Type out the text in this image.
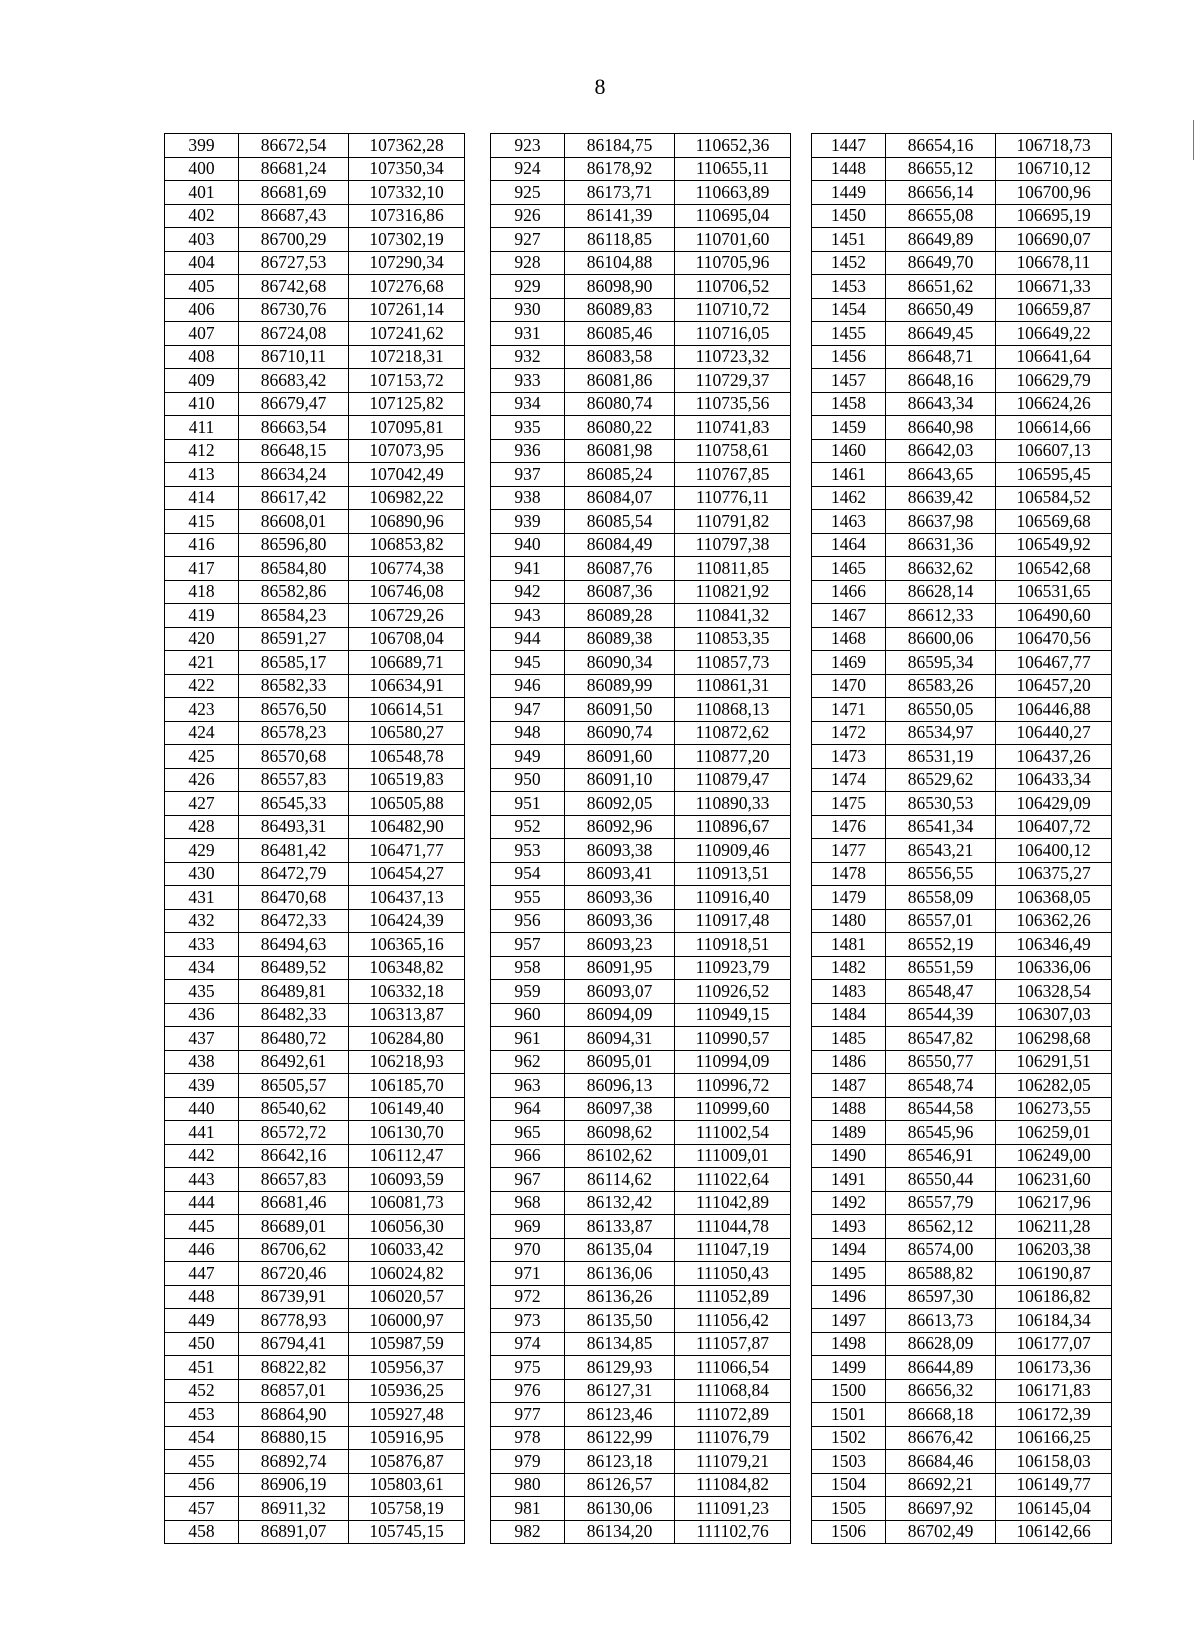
8
399	86672,54	107362,28
400	86681,24	107350,34
401	86681,69	107332,10
402	86687,43	107316,86
403	86700,29	107302,19
404	86727,53	107290,34
405	86742,68	107276,68
406	86730,76	107261,14
407	86724,08	107241,62
408	86710,11	107218,31
409	86683,42	107153,72
410	86679,47	107125,82
411	86663,54	107095,81
412	86648,15	107073,95
413	86634,24	107042,49
414	86617,42	106982,22
415	86608,01	106890,96
416	86596,80	106853,82
417	86584,80	106774,38
418	86582,86	106746,08
419	86584,23	106729,26
420	86591,27	106708,04
421	86585,17	106689,71
422	86582,33	106634,91
423	86576,50	106614,51
424	86578,23	106580,27
425	86570,68	106548,78
426	86557,83	106519,83
427	86545,33	106505,88
428	86493,31	106482,90
429	86481,42	106471,77
430	86472,79	106454,27
431	86470,68	106437,13
432	86472,33	106424,39
433	86494,63	106365,16
434	86489,52	106348,82
435	86489,81	106332,18
436	86482,33	106313,87
437	86480,72	106284,80
438	86492,61	106218,93
439	86505,57	106185,70
440	86540,62	106149,40
441	86572,72	106130,70
442	86642,16	106112,47
443	86657,83	106093,59
444	86681,46	106081,73
445	86689,01	106056,30
446	86706,62	106033,42
447	86720,46	106024,82
448	86739,91	106020,57
449	86778,93	106000,97
450	86794,41	105987,59
451	86822,82	105956,37
452	86857,01	105936,25
453	86864,90	105927,48
454	86880,15	105916,95
455	86892,74	105876,87
456	86906,19	105803,61
457	86911,32	105758,19
458	86891,07	105745,15
923	86184,75	110652,36
924	86178,92	110655,11
925	86173,71	110663,89
926	86141,39	110695,04
927	86118,85	110701,60
928	86104,88	110705,96
929	86098,90	110706,52
930	86089,83	110710,72
931	86085,46	110716,05
932	86083,58	110723,32
933	86081,86	110729,37
934	86080,74	110735,56
935	86080,22	110741,83
936	86081,98	110758,61
937	86085,24	110767,85
938	86084,07	110776,11
939	86085,54	110791,82
940	86084,49	110797,38
941	86087,76	110811,85
942	86087,36	110821,92
943	86089,28	110841,32
944	86089,38	110853,35
945	86090,34	110857,73
946	86089,99	110861,31
947	86091,50	110868,13
948	86090,74	110872,62
949	86091,60	110877,20
950	86091,10	110879,47
951	86092,05	110890,33
952	86092,96	110896,67
953	86093,38	110909,46
954	86093,41	110913,51
955	86093,36	110916,40
956	86093,36	110917,48
957	86093,23	110918,51
958	86091,95	110923,79
959	86093,07	110926,52
960	86094,09	110949,15
961	86094,31	110990,57
962	86095,01	110994,09
963	86096,13	110996,72
964	86097,38	110999,60
965	86098,62	111002,54
966	86102,62	111009,01
967	86114,62	111022,64
968	86132,42	111042,89
969	86133,87	111044,78
970	86135,04	111047,19
971	86136,06	111050,43
972	86136,26	111052,89
973	86135,50	111056,42
974	86134,85	111057,87
975	86129,93	111066,54
976	86127,31	111068,84
977	86123,46	111072,89
978	86122,99	111076,79
979	86123,18	111079,21
980	86126,57	111084,82
981	86130,06	111091,23
982	86134,20	111102,76
1447	86654,16	106718,73
1448	86655,12	106710,12
1449	86656,14	106700,96
1450	86655,08	106695,19
1451	86649,89	106690,07
1452	86649,70	106678,11
1453	86651,62	106671,33
1454	86650,49	106659,87
1455	86649,45	106649,22
1456	86648,71	106641,64
1457	86648,16	106629,79
1458	86643,34	106624,26
1459	86640,98	106614,66
1460	86642,03	106607,13
1461	86643,65	106595,45
1462	86639,42	106584,52
1463	86637,98	106569,68
1464	86631,36	106549,92
1465	86632,62	106542,68
1466	86628,14	106531,65
1467	86612,33	106490,60
1468	86600,06	106470,56
1469	86595,34	106467,77
1470	86583,26	106457,20
1471	86550,05	106446,88
1472	86534,97	106440,27
1473	86531,19	106437,26
1474	86529,62	106433,34
1475	86530,53	106429,09
1476	86541,34	106407,72
1477	86543,21	106400,12
1478	86556,55	106375,27
1479	86558,09	106368,05
1480	86557,01	106362,26
1481	86552,19	106346,49
1482	86551,59	106336,06
1483	86548,47	106328,54
1484	86544,39	106307,03
1485	86547,82	106298,68
1486	86550,77	106291,51
1487	86548,74	106282,05
1488	86544,58	106273,55
1489	86545,96	106259,01
1490	86546,91	106249,00
1491	86550,44	106231,60
1492	86557,79	106217,96
1493	86562,12	106211,28
1494	86574,00	106203,38
1495	86588,82	106190,87
1496	86597,30	106186,82
1497	86613,73	106184,34
1498	86628,09	106177,07
1499	86644,89	106173,36
1500	86656,32	106171,83
1501	86668,18	106172,39
1502	86676,42	106166,25
1503	86684,46	106158,03
1504	86692,21	106149,77
1505	86697,92	106145,04
1506	86702,49	106142,66
